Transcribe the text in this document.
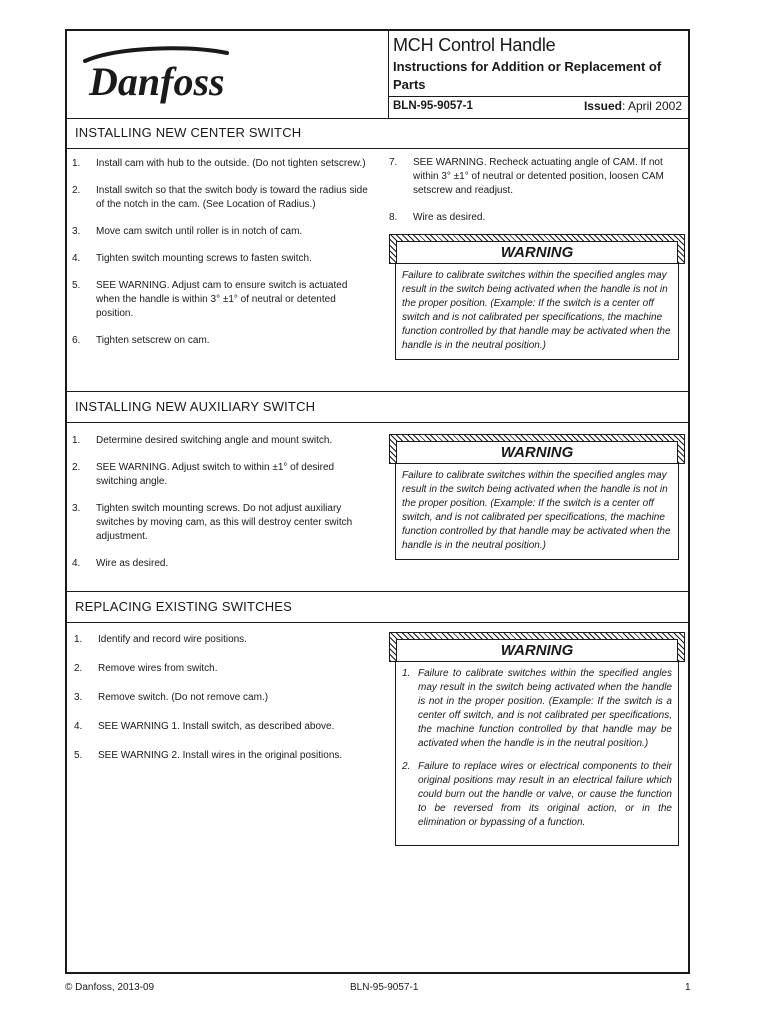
Danfoss
MCH Control Handle
Instructions for Addition or Replacement of Parts
BLN-95-9057-1	Issued: April 2002
INSTALLING NEW CENTER SWITCH
1. Install cam with hub to the outside. (Do not tighten setscrew.)
2. Install switch so that the switch body is toward the radius side of the notch in the cam. (See Location of Radius.)
3. Move cam switch until roller is in notch of cam.
4. Tighten switch mounting screws to fasten switch.
5. SEE WARNING. Adjust cam to ensure switch is actuated when the handle is within 3° ±1° of neutral or detented position.
6. Tighten setscrew on cam.
7. SEE WARNING. Recheck actuating angle of CAM. If not within 3° ±1° of neutral or detented position, loosen CAM setscrew and readjust.
8. Wire as desired.
WARNING
Failure to calibrate switches within the specified angles may result in the switch being activated when the handle is not in the proper position. (Example: If the switch is a center off switch and is not calibrated per specifications, the machine function controlled by that handle may be activated when the handle is in the neutral position.)
INSTALLING NEW AUXILIARY SWITCH
1. Determine desired switching angle and mount switch.
2. SEE WARNING. Adjust switch to within ±1° of desired switching angle.
3. Tighten switch mounting screws. Do not adjust auxiliary switches by moving cam, as this will destroy center switch adjustment.
4. Wire as desired.
WARNING
Failure to calibrate switches within the specified angles may result in the switch being activated when the handle is not in the proper position. (Example: If the switch is a center off switch, and is not calibrated per specifications, the machine function controlled by that handle may be activated when the handle is in the neutral position.)
REPLACING EXISTING SWITCHES
1. Identify and record wire positions.
2. Remove wires from switch.
3. Remove switch. (Do not remove cam.)
4. SEE WARNING 1. Install switch, as described above.
5. SEE WARNING 2. Install wires in the original positions.
WARNING
1. Failure to calibrate switches within the specified angles may result in the switch being activated when the handle is not in the proper position. (Example: If the switch is a center off switch, and is not calibrated per specifications, the machine function controlled by that handle may be activated when the handle is in the neutral position.)
2. Failure to replace wires or electrical components to their original positions may result in an electrical failure which could burn out the handle or valve, or cause the function to be reversed from its original action, or in the elimination or bypassing of a function.
© Danfoss, 2013-09	BLN-95-9057-1	1
